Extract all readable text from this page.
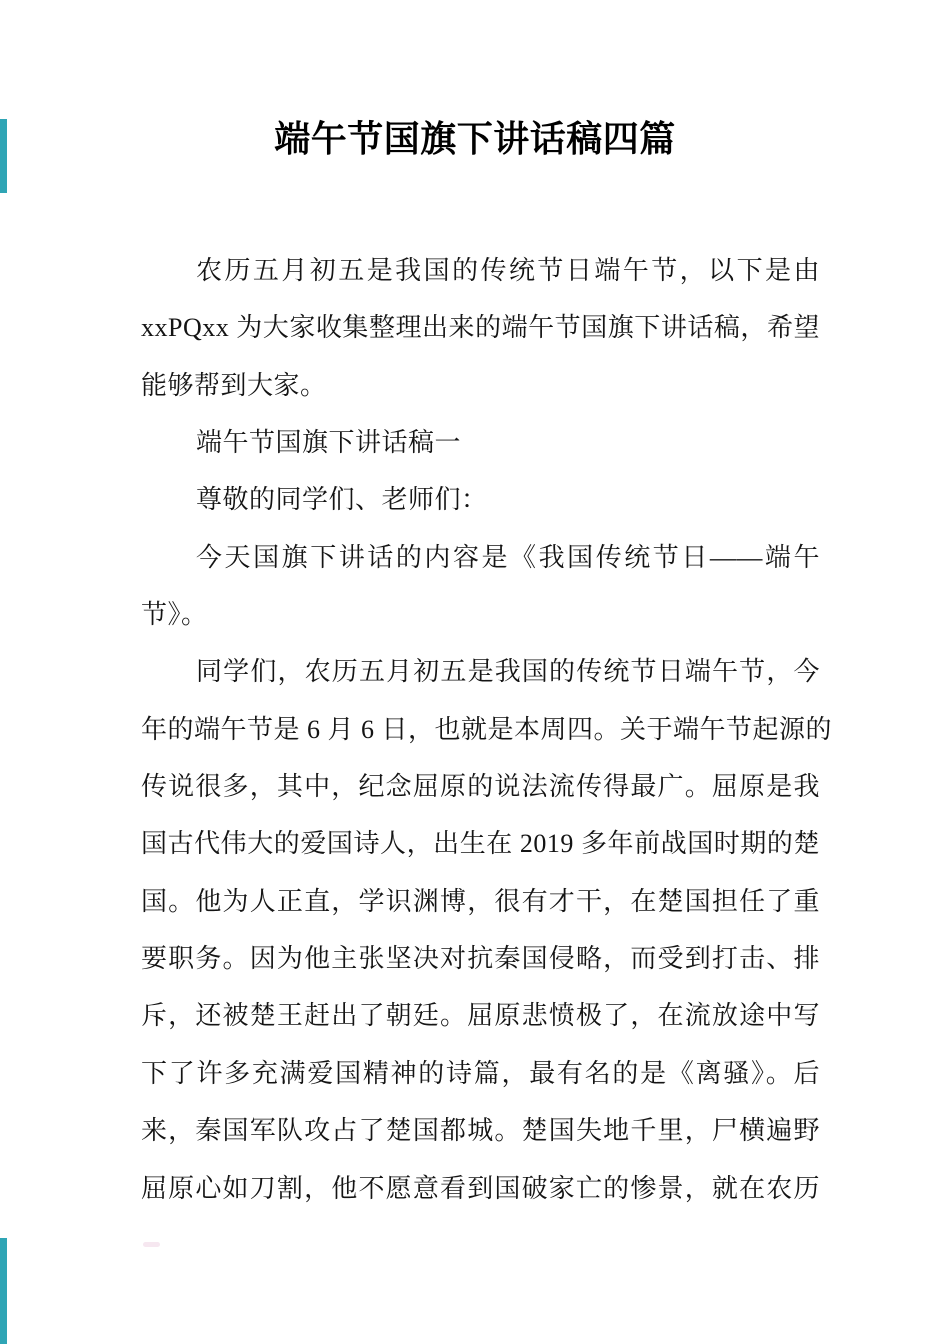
端午节国旗下讲话稿四篇
农历五月初五是我国的传统节日端午节，以下是由
xxPQxx 为大家收集整理出来的端午节国旗下讲话稿，希望
能够帮到大家。
端午节国旗下讲话稿一
尊敬的同学们、老师们：
今天国旗下讲话的内容是《我国传统节日——端午
节》。
同学们，农历五月初五是我国的传统节日端午节，今
年的端午节是 6 月 6 日，也就是本周四。关于端午节起源的
传说很多，其中，纪念屈原的说法流传得最广。屈原是我
国古代伟大的爱国诗人，出生在 2019 多年前战国时期的楚
国。他为人正直，学识渊博，很有才干，在楚国担任了重
要职务。因为他主张坚决对抗秦国侵略，而受到打击、排
斥，还被楚王赶出了朝廷。屈原悲愤极了，在流放途中写
下了许多充满爱国精神的诗篇，最有名的是《离骚》。后
来，秦国军队攻占了楚国都城。楚国失地千里，尸横遍野
屈原心如刀割，他不愿意看到国破家亡的惨景，就在农历
